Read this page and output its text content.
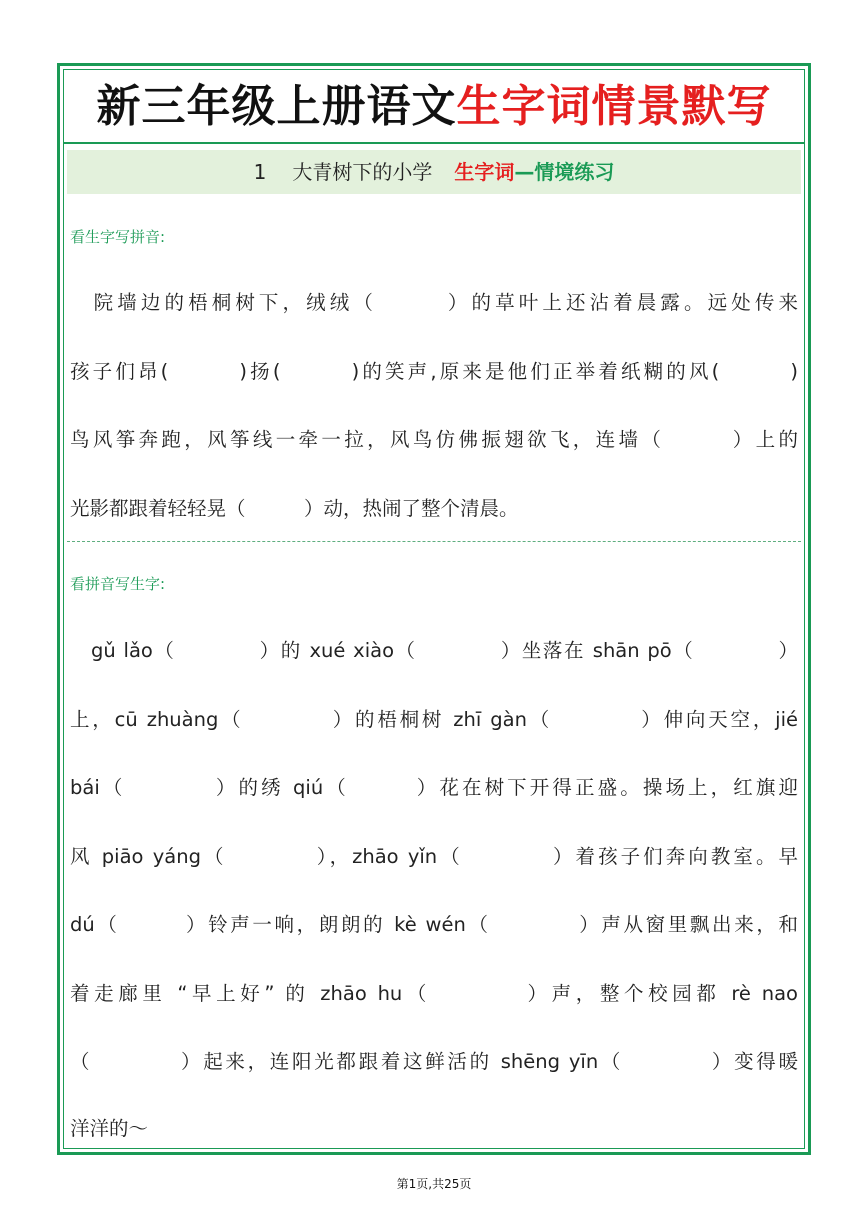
新三年级上册语文生字词情景默写
1 大青树下的小学 生字词—情境练习
看生字写拼音:
　院墙边的梧桐树下，绒绒（　　　）的草叶上还沾着晨露。远处传来
孩子们昂(　　　)扬(　　　)的笑声,原来是他们正举着纸糊的风(　　　)
鸟风筝奔跑，风筝线一牵一拉，风鸟仿佛振翅欲飞，连墙（　　　）上的
光影都跟着轻轻晃（　　　）动，热闹了整个清晨。
看拼音写生字:
　gǔ lǎo（　　　　）的 xué xiào（　　　　）坐落在 shān pō（　　　　）
上，cū zhuàng（　　　　）的梧桐树 zhī gàn（　　　　）伸向天空，jié
bái（　　　　）的绣 qiú（　　　）花在树下开得正盛。操场上，红旗迎
风 piāo yáng（　　　　），zhāo yǐn（　　　　）着孩子们奔向教室。早
dú（　　　）铃声一响，朗朗的 kè wén（　　　　）声从窗里飘出来，和
着走廊里 “早上好” 的 zhāo hu（　　　　）声，整个校园都 rè nao
（　　　　）起来，连阳光都跟着这鲜活的 shēng yīn（　　　　）变得暖
洋洋的～
第1页,共25页
